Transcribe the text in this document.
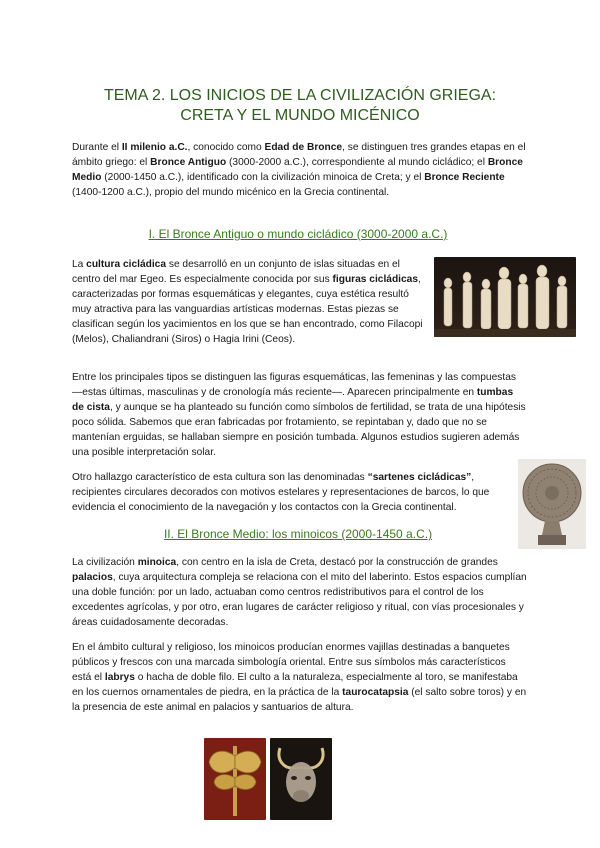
TEMA 2. LOS INICIOS DE LA CIVILIZACIÓN GRIEGA:
CRETA Y EL MUNDO MICÉNICO

Durante el II milenio a.C., conocido como Edad de Bronce, se distinguen tres grandes etapas en el ámbito griego: el Bronce Antiguo (3000-2000 a.C.), correspondiente al mundo cicládico; el Bronce Medio (2000-1450 a.C.), identificado con la civilización minoica de Creta; y el Bronce Reciente (1400-1200 a.C.), propio del mundo micénico en la Grecia continental.

I. El Bronce Antiguo o mundo cicládico (3000-2000 a.C.)

La cultura cicládica se desarrolló en un conjunto de islas situadas en el centro del mar Egeo. Es especialmente conocida por sus figuras cicládicas, caracterizadas por formas esquemáticas y elegantes, cuya estética resultó muy atractiva para las vanguardias artísticas modernas. Estas piezas se clasifican según los yacimientos en los que se han encontrado, como Filacopi (Melos), Chaliandrani (Siros) o Hagia Irini (Ceos).

Entre los principales tipos se distinguen las figuras esquemáticas, las femeninas y las compuestas —estas últimas, masculinas y de cronología más reciente—. Aparecen principalmente en tumbas de cista, y aunque se ha planteado su función como símbolos de fertilidad, se trata de una hipótesis poco sólida. Sabemos que eran fabricadas por frotamiento, se repintaban y, dado que no se mantenían erguidas, se hallaban siempre en posición tumbada. Algunos estudios sugieren además una posible interpretación solar.

Otro hallazgo característico de esta cultura son las denominadas “sartenes cicládicas”, recipientes circulares decorados con motivos estelares y representaciones de barcos, lo que evidencia el conocimiento de la navegación y los contactos con la Grecia continental.

II. El Bronce Medio: los minoicos (2000-1450 a.C.)

La civilización minoica, con centro en la isla de Creta, destacó por la construcción de grandes palacios, cuya arquitectura compleja se relaciona con el mito del laberinto. Estos espacios cumplían una doble función: por un lado, actuaban como centros redistributivos para el control de los excedentes agrícolas, y por otro, eran lugares de carácter religioso y ritual, con vías procesionales y áreas cuidadosamente decoradas.

En el ámbito cultural y religioso, los minoicos producían enormes vajillas destinadas a banquetes públicos y frescos con una marcada simbología oriental. Entre sus símbolos más característicos está el labrys o hacha de doble filo. El culto a la naturaleza, especialmente al toro, se manifestaba en los cuernos ornamentales de piedra, en la práctica de la taurocatapsia (el salto sobre toros) y en la presencia de este animal en palacios y santuarios de altura.
